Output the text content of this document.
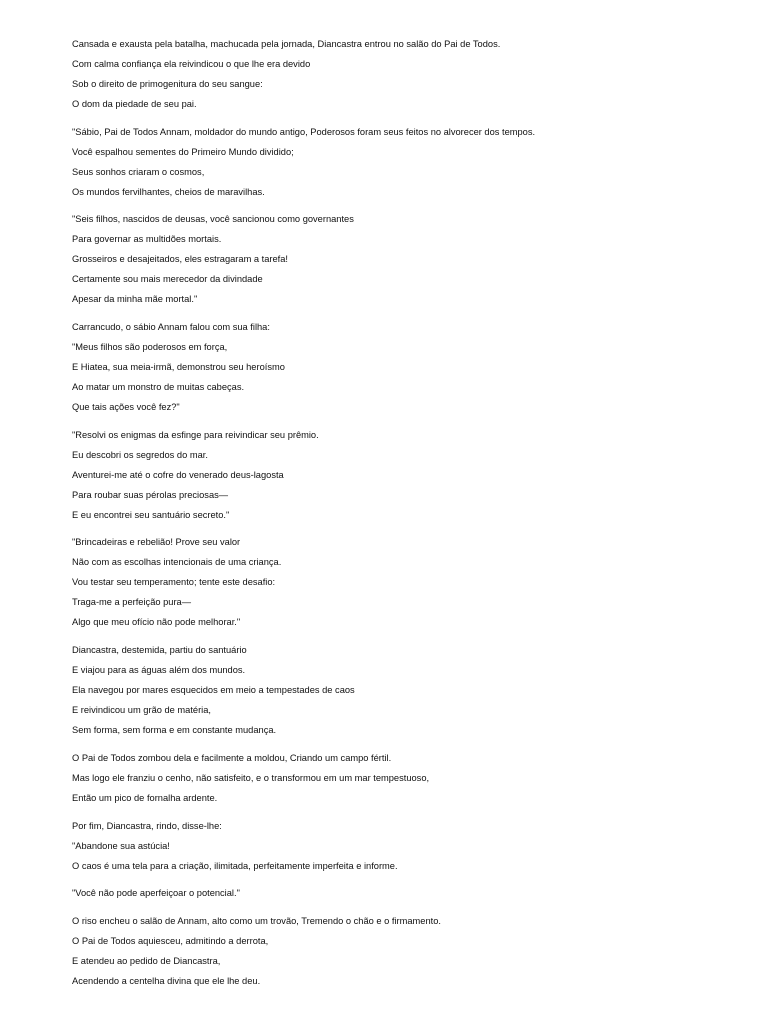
Cansada e exausta pela batalha, machucada pela jornada, Diancastra entrou no salão do Pai de Todos.
Com calma confiança ela reivindicou o que lhe era devido
Sob o direito de primogenitura do seu sangue:
O dom da piedade de seu pai.
"Sábio, Pai de Todos Annam, moldador do mundo antigo, Poderosos foram seus feitos no alvorecer dos tempos.
Você espalhou sementes do Primeiro Mundo dividido;
Seus sonhos criaram o cosmos,
Os mundos fervilhantes, cheios de maravilhas.
"Seis filhos, nascidos de deusas, você sancionou como governantes
Para governar as multidões mortais.
Grosseiros e desajeitados, eles estragaram a tarefa!
Certamente sou mais merecedor da divindade
Apesar da minha mãe mortal."
Carrancudo, o sábio Annam falou com sua filha:
"Meus filhos são poderosos em força,
E Hiatea, sua meia-irmã, demonstrou seu heroísmo
Ao matar um monstro de muitas cabeças.
Que tais ações você fez?"
"Resolvi os enigmas da esfinge para reivindicar seu prêmio.
Eu descobri os segredos do mar.
Aventurei-me até o cofre do venerado deus-lagosta
Para roubar suas pérolas preciosas—
E eu encontrei seu santuário secreto."
"Brincadeiras e rebelião! Prove seu valor
Não com as escolhas intencionais de uma criança.
Vou testar seu temperamento; tente este desafio:
Traga-me a perfeição pura—
Algo que meu ofício não pode melhorar."
Diancastra, destemida, partiu do santuário
E viajou para as águas além dos mundos.
Ela navegou por mares esquecidos em meio a tempestades de caos
E reivindicou um grão de matéria,
Sem forma, sem forma e em constante mudança.
O Pai de Todos zombou dela e facilmente a moldou, Criando um campo fértil.
Mas logo ele franziu o cenho, não satisfeito, e o transformou em um mar tempestuoso,
Então um pico de fornalha ardente.
Por fim, Diancastra, rindo, disse-lhe:
"Abandone sua astúcia!
O caos é uma tela para a criação, ilimitada, perfeitamente imperfeita e informe.
"Você não pode aperfeiçoar o potencial."
O riso encheu o salão de Annam, alto como um trovão, Tremendo o chão e o firmamento.
O Pai de Todos aquiesceu, admitindo a derrota,
E atendeu ao pedido de Diancastra,
Acendendo a centelha divina que ele lhe deu.
